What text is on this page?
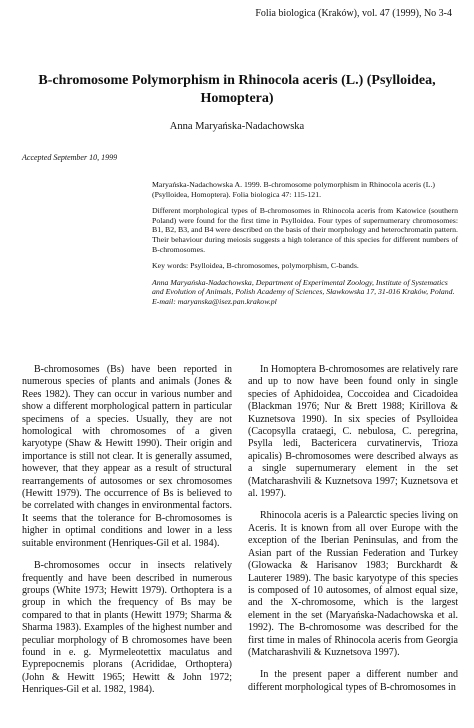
Folia biologica (Kraków), vol. 47 (1999), No 3-4
B-chromosome Polymorphism in Rhinocola aceris (L.) (Psylloidea, Homoptera)
Anna Maryańska-Nadachowska
Accepted September 10, 1999

Maryańska-Nadachowska A. 1999. B-chromosome polymorphism in Rhinocola aceris (L.) (Psylloidea, Homoptera). Folia biologica 47: 115-121.

Different morphological types of B-chromosomes in Rhinocola aceris from Katowice (southern Poland) were found for the first time in Psylloidea. Four types of supernumerary chromosomes: B1, B2, B3, and B4 were described on the basis of their morphology and heterochromatin pattern. Their behaviour during meiosis suggests a high tolerance of this species for different numbers of B-chromosomes.

Key words: Psylloidea, B-chromosomes, polymorphism, C-bands.

Anna Maryańska-Nadachowska, Department of Experimental Zoology, Institute of Systematics and Evolution of Animals, Polish Academy of Sciences, Sławkowska 17, 31-016 Kraków, Poland.

E-mail: maryanska@isez.pan.krakow.pl

B-chromosomes (Bs) have been reported in numerous species of plants and animals (Jones & Rees 1982). They can occur in various number and show a different morphological pattern in particular specimens of a species. Usually, they are not homological with chromosomes of a given karyotype (Shaw & Hewitt 1990). Their origin and importance is still not clear. It is generally assumed, however, that they appear as a result of structural rearrangements of autosomes or sex chromosomes (Hewitt 1979). The occurrence of Bs is believed to be correlated with changes in environmental factors. It seems that the tolerance for B-chromosomes is higher in optimal conditions and lower in a less suitable environment (Henriques-Gil et al. 1984).

B-chromosomes occur in insects relatively frequently and have been described in numerous groups (White 1973; Hewitt 1979). Orthoptera is a group in which the frequency of Bs may be compared to that in plants (Hewitt 1979; Sharma & Sharma 1983). Examples of the highest number and peculiar morphology of B chromosomes have been found in e. g. Myrmeleotettix maculatus and Eyprepocnemis plorans (Acrididae, Orthoptera) (John & Hewitt 1965; Hewitt & John 1972; Henriques-Gil et al. 1982, 1984).

In Homoptera B-chromosomes are relatively rare and up to now have been found only in single species of Aphidoidea, Coccoidea and Cicadoidea (Blackman 1976; Nur & Brett 1988; Kirillova & Kuznetsova 1990). In six species of Psylloidea (Cacopsylla crataegi, C. nebulosa, C. peregrina, Psylla ledi, Bactericera curvatinervis, Trioza apicalis) B-chromosomes were described always as a single supernumerary element in the set (Matcharashvili & Kuznetsova 1997; Kuznetsova et al. 1997).

Rhinocola aceris is a Palearctic species living on Aceris. It is known from all over Europe with the exception of the Iberian Peninsulas, and from the Asian part of the Russian Federation and Turkey (Glowacka & Harisanov 1983; Burckhardt & Lauterer 1989). The basic karyotype of this species is composed of 10 autosomes, of almost equal size, and the X-chromosome, which is the largest element in the set (Maryańska-Nadachowska et al. 1992). The B-chromosome was described for the first time in males of Rhinocola aceris from Georgia (Matcharashvili & Kuznetsova 1997).

In the present paper a different number and different morphological types of B-chromosomes in
